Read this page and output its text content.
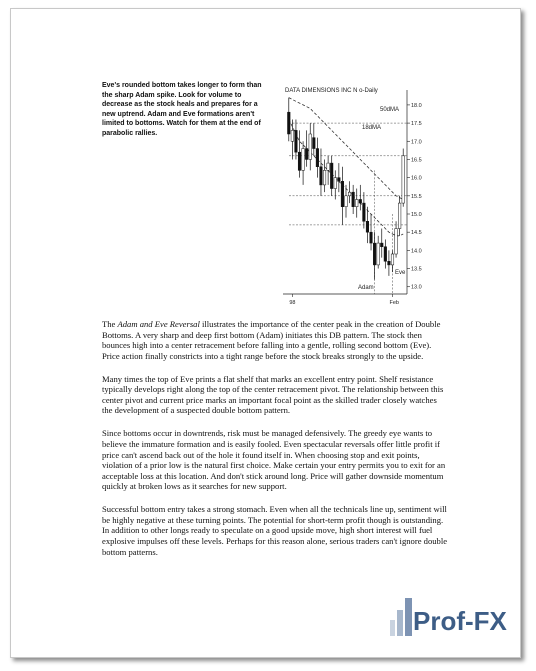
Eve's rounded bottom takes longer to form than the sharp Adam spike. Look for volume to decrease as the stock heals and prepares for a new uptrend. Adam and Eve formations aren't limited to bottoms. Watch for them at the end of parabolic rallies.

DATA DIMENSIONS INC N o-Daily
50dMA
18dMA
Adam
Eve
18.0
17.5
17.0
16.5
16.0
15.5
15.0
14.5
14.0
13.5
13.0
98	Feb

The Adam and Eve Reversal illustrates the importance of the center peak in the creation of Double Bottoms. A very sharp and deep first bottom (Adam) initiates this DB pattern. The stock then bounces high into a center retracement before falling into a gentle, rolling second bottom (Eve). Price action finally constricts into a tight range before the stock breaks strongly to the upside.

Many times the top of Eve prints a flat shelf that marks an excellent entry point. Shelf resistance typically develops right along the top of the center retracement pivot. The relationship between this center pivot and current price marks an important focal point as the skilled trader closely watches the development of a suspected double bottom pattern.

Since bottoms occur in downtrends, risk must be managed defensively. The greedy eye wants to believe the immature formation and is easily fooled. Even spectacular reversals offer little profit if price can't ascend back out of the hole it found itself in. When choosing stop and exit points, violation of a prior low is the natural first choice. Make certain your entry permits you to exit for an acceptable loss at this location. And don't stick around long. Price will gather downside momentum quickly at broken lows as it searches for new support.

Successful bottom entry takes a strong stomach. Even when all the technicals line up, sentiment will be highly negative at these turning points. The potential for short-term profit though is outstanding. In addition to other longs ready to speculate on a good upside move, high short interest will fuel explosive impulses off these levels. Perhaps for this reason alone, serious traders can't ignore double bottom patterns.

Prof-FX
